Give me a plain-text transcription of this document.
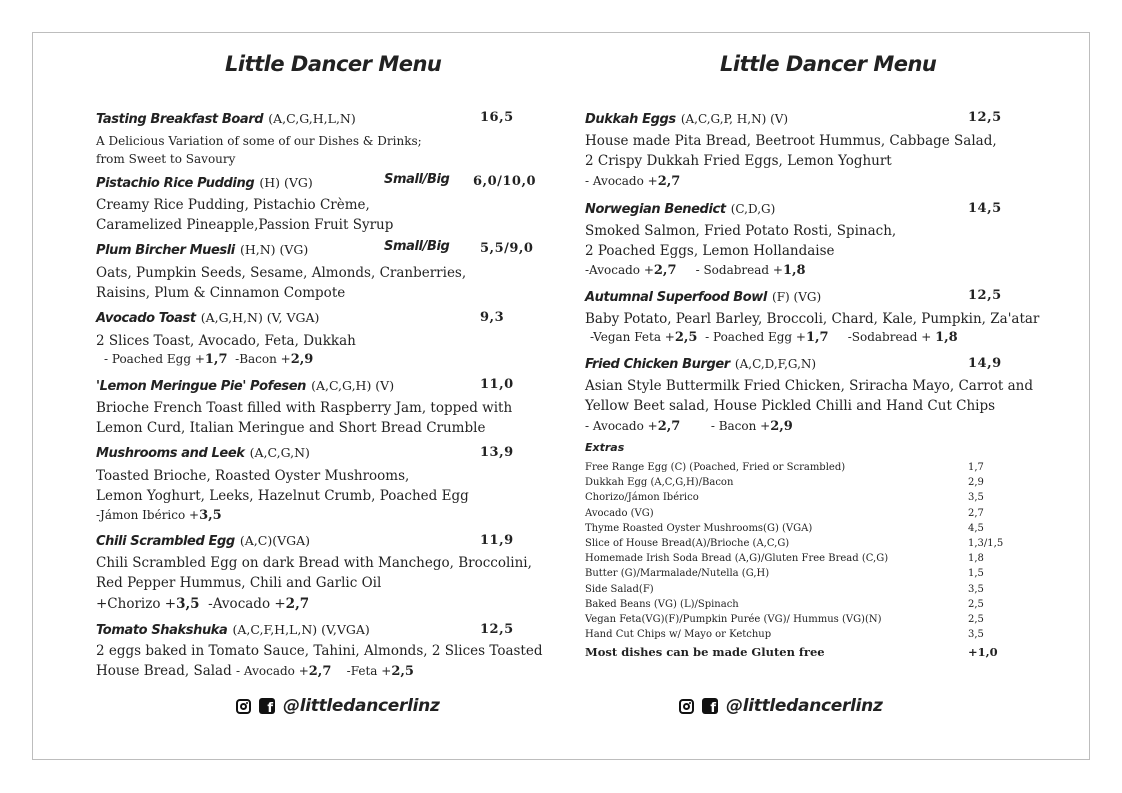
Little Dancer Menu
Tasting Breakfast Board (A,C,G,H,L,N)	16,5
A Delicious Variation of some of our Dishes & Drinks;
from Sweet to Savoury
Pistachio Rice Pudding (H) (VG)	Small/Big 6,0/10,0
Creamy Rice Pudding, Pistachio Crème,
Caramelized Pineapple,Passion Fruit Syrup
Plum Bircher Muesli (H,N) (VG)	Small/Big 5,5/9,0
Oats, Pumpkin Seeds, Sesame, Almonds, Cranberries,
Raisins, Plum & Cinnamon Compote
Avocado Toast (A,G,H,N) (V, VGA)	9,3
2 Slices Toast, Avocado, Feta, Dukkah
- Poached Egg +1,7 -Bacon +2,9
'Lemon Meringue Pie' Pofesen (A,C,G,H) (V)	11,0
Brioche French Toast filled with Raspberry Jam, topped with
Lemon Curd, Italian Meringue and Short Bread Crumble
Mushrooms and Leek (A,C,G,N)	13,9
Toasted Brioche, Roasted Oyster Mushrooms,
Lemon Yoghurt, Leeks, Hazelnut Crumb, Poached Egg
-Jámon Ibérico +3,5
Chili Scrambled Egg (A,C)(VGA)	11,9
Chili Scrambled Egg on dark Bread with Manchego, Broccolini,
Red Pepper Hummus, Chili and Garlic Oil
+Chorizo +3,5 -Avocado +2,7
Tomato Shakshuka (A,C,F,H,L,N) (V,VGA)	12,5
2 eggs baked in Tomato Sauce, Tahini, Almonds, 2 Slices Toasted
House Bread, Salad - Avocado +2,7 -Feta +2,5
f
@littledancerlinz
Little Dancer Menu
Dukkah Eggs (A,C,G,P, H,N) (V)	12,5
House made Pita Bread, Beetroot Hummus, Cabbage Salad,
2 Crispy Dukkah Fried Eggs, Lemon Yoghurt
- Avocado +2,7
Norwegian Benedict (C,D,G)	14,5
Smoked Salmon, Fried Potato Rosti, Spinach,
2 Poached Eggs, Lemon Hollandaise
-Avocado +2,7 - Sodabread +1,8
Autumnal Superfood Bowl (F) (VG)	12,5
Baby Potato, Pearl Barley, Broccoli, Chard, Kale, Pumpkin, Za'atar
-Vegan Feta +2,5 - Poached Egg +1,7 -Sodabread + 1,8
Fried Chicken Burger (A,C,D,F,G,N)	14,9
Asian Style Buttermilk Fried Chicken, Sriracha Mayo, Carrot and
Yellow Beet salad, House Pickled Chilli and Hand Cut Chips
- Avocado +2,7	- Bacon +2,9
Extras
Free Range Egg (C) (Poached, Fried or Scrambled)	1,7
Dukkah Egg (A,C,G,H)/Bacon	2,9
Chorizo/Jámon Ibérico	3,5
Avocado (VG)	2,7
Thyme Roasted Oyster Mushrooms(G) (VGA)	4,5
Slice of House Bread(A)/Brioche (A,C,G)	1,3/1,5
Homemade Irish Soda Bread (A,G)/Gluten Free Bread (C,G)	1,8
Butter (G)/Marmalade/Nutella (G,H)	1,5
Side Salad(F)	3,5
Baked Beans (VG) (L)/Spinach	2,5
Vegan Feta(VG)(F)/Pumpkin Purée (VG)/ Hummus (VG)(N)	2,5
Hand Cut Chips w/ Mayo or Ketchup	3,5
Most dishes can be made Gluten free	+1,0
f
@littledancerlinz
